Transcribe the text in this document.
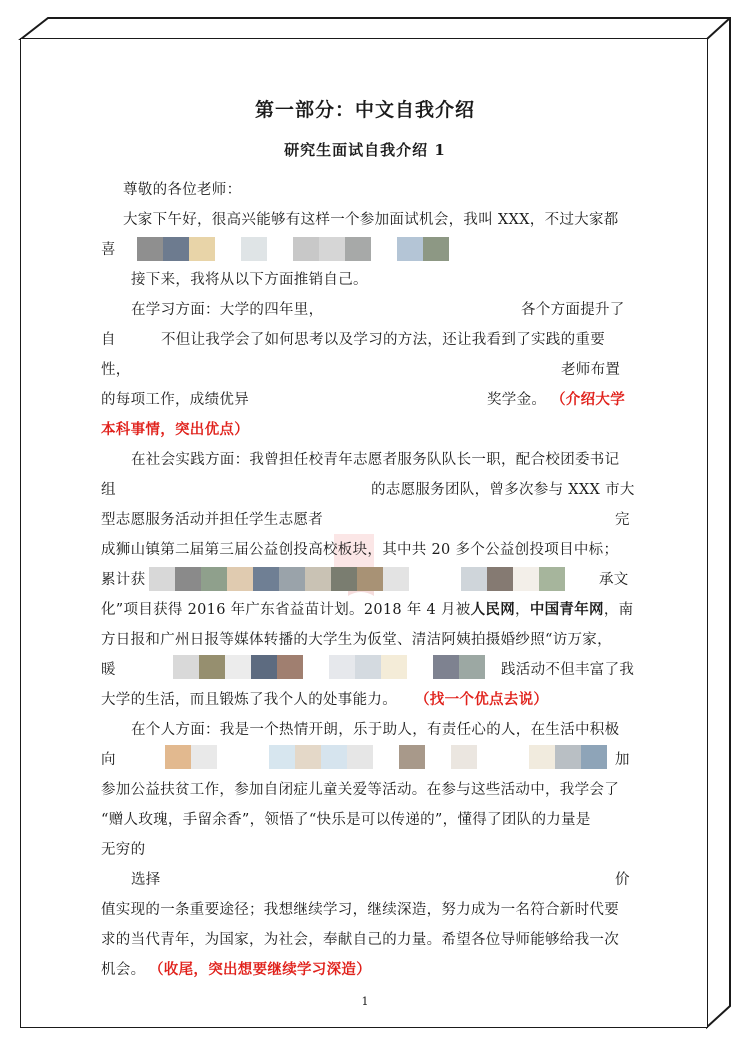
第一部分：中文自我介绍
研究生面试自我介绍 1
尊敬的各位老师：
大家下午好，很高兴能够有这样一个参加面试机会，我叫 XXX，不过大家都
喜
接下来，我将从以下方面推销自己。
在学习方面：大学的四年里，	各个方面提升了
自	不但让我学会了如何思考以及学习的方法，还让我看到了实践的重要
性，	老师布置
的每项工作，成绩优异	奖学金。 （介绍大学
本科事情，突出优点）
在社会实践方面：我曾担任校青年志愿者服务队队长一职，配合校团委书记
组	的志愿服务团队，曾多次参与 XXX 市大
型志愿服务活动并担任学生志愿者	完
成狮山镇第二届第三届公益创投高校板块，其中共 20 多个公益创投项目中标；
累计获	承文
化”项目获得 2016 年广东省益苗计划。2018 年 4 月被人民网，中国青年网，南
方日报和广州日报等媒体转播的大学生为仮堂、清洁阿姨拍摄婚纱照“访万家，
暖	践活动不但丰富了我
大学的生活，而且锻炼了我个人的处事能力。 （找一个优点去说）
在个人方面：我是一个热情开朗，乐于助人，有责任心的人，在生活中积极
向	加
参加公益扶贫工作，参加自闭症儿童关爱等活动。在参与这些活动中，我学会了
“赠人玫瑰，手留余香”，领悟了“快乐是可以传递的”，懂得了团队的力量是
无穷的
选择	价
值实现的一条重要途径；我想继续学习，继续深造，努力成为一名符合新时代要
求的当代青年，为国家，为社会，奉献自己的力量。希望各位导师能够给我一次
机会。 （收尾，突出想要继续学习深造）
1
